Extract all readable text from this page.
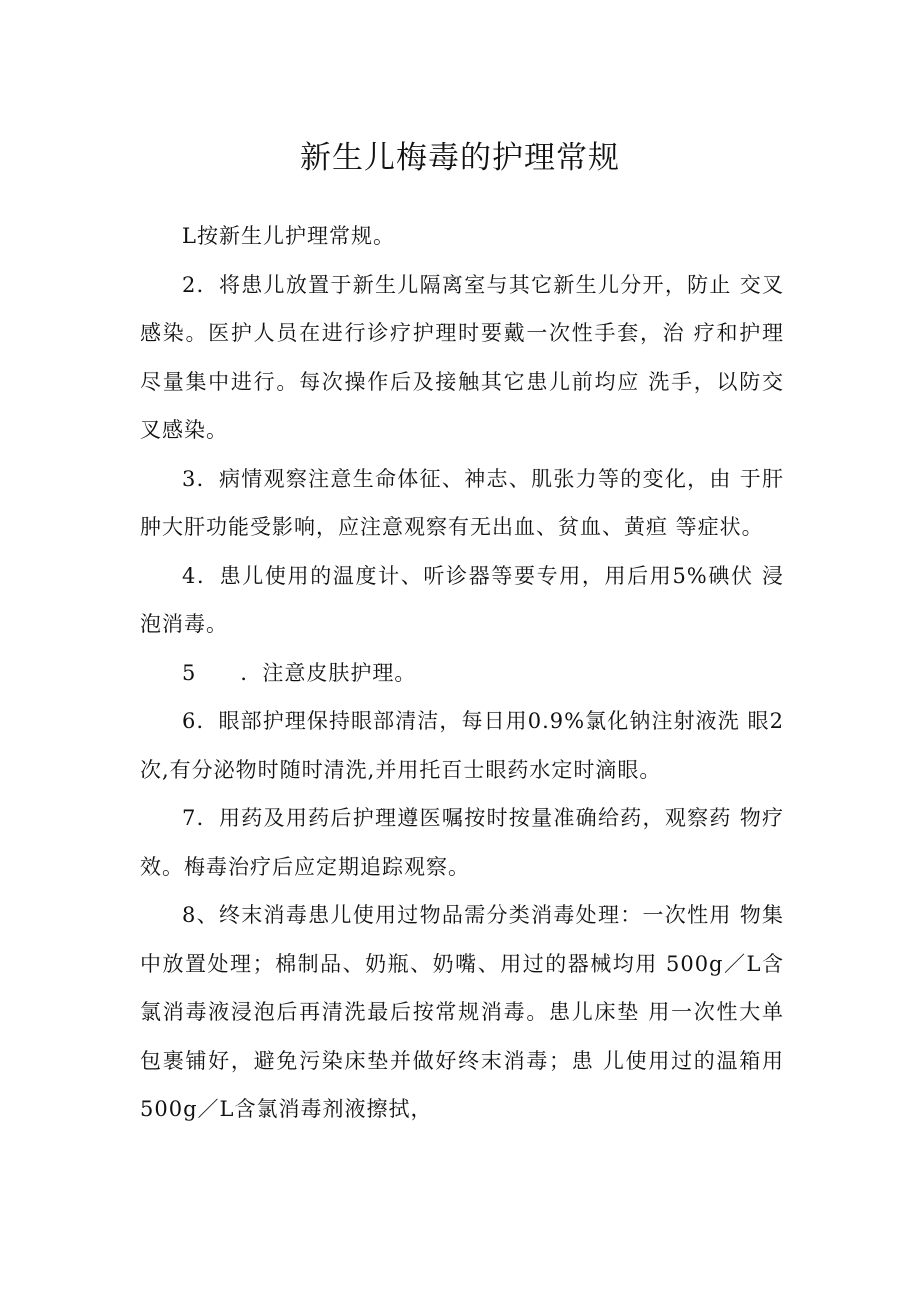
新生儿梅毒的护理常规

L按新生儿护理常规。

2．将患儿放置于新生儿隔离室与其它新生儿分开，防止 交叉感染。医护人员在进行诊疗护理时要戴一次性手套，治 疗和护理尽量集中进行。每次操作后及接触其它患儿前均应 洗手，以防交叉感染。

3．病情观察注意生命体征、神志、肌张力等的变化，由 于肝肿大肝功能受影响，应注意观察有无出血、贫血、黄疸 等症状。

4．患儿使用的温度计、听诊器等要专用，用后用5%碘伏 浸泡消毒。

5　　．注意皮肤护理。

6．眼部护理保持眼部清洁，每日用0.9%氯化钠注射液洗 眼2次,有分泌物时随时清洗,并用托百士眼药水定时滴眼。

7．用药及用药后护理遵医嘱按时按量准确给药，观察药 物疗效。梅毒治疗后应定期追踪观察。

8、终末消毒患儿使用过物品需分类消毒处理：一次性用 物集中放置处理；棉制品、奶瓶、奶嘴、用过的器械均用 500g／L含氯消毒液浸泡后再清洗最后按常规消毒。患儿床垫 用一次性大单包裹铺好，避免污染床垫并做好终末消毒；患 儿使用过的温箱用500g／L含氯消毒剂液擦拭，
